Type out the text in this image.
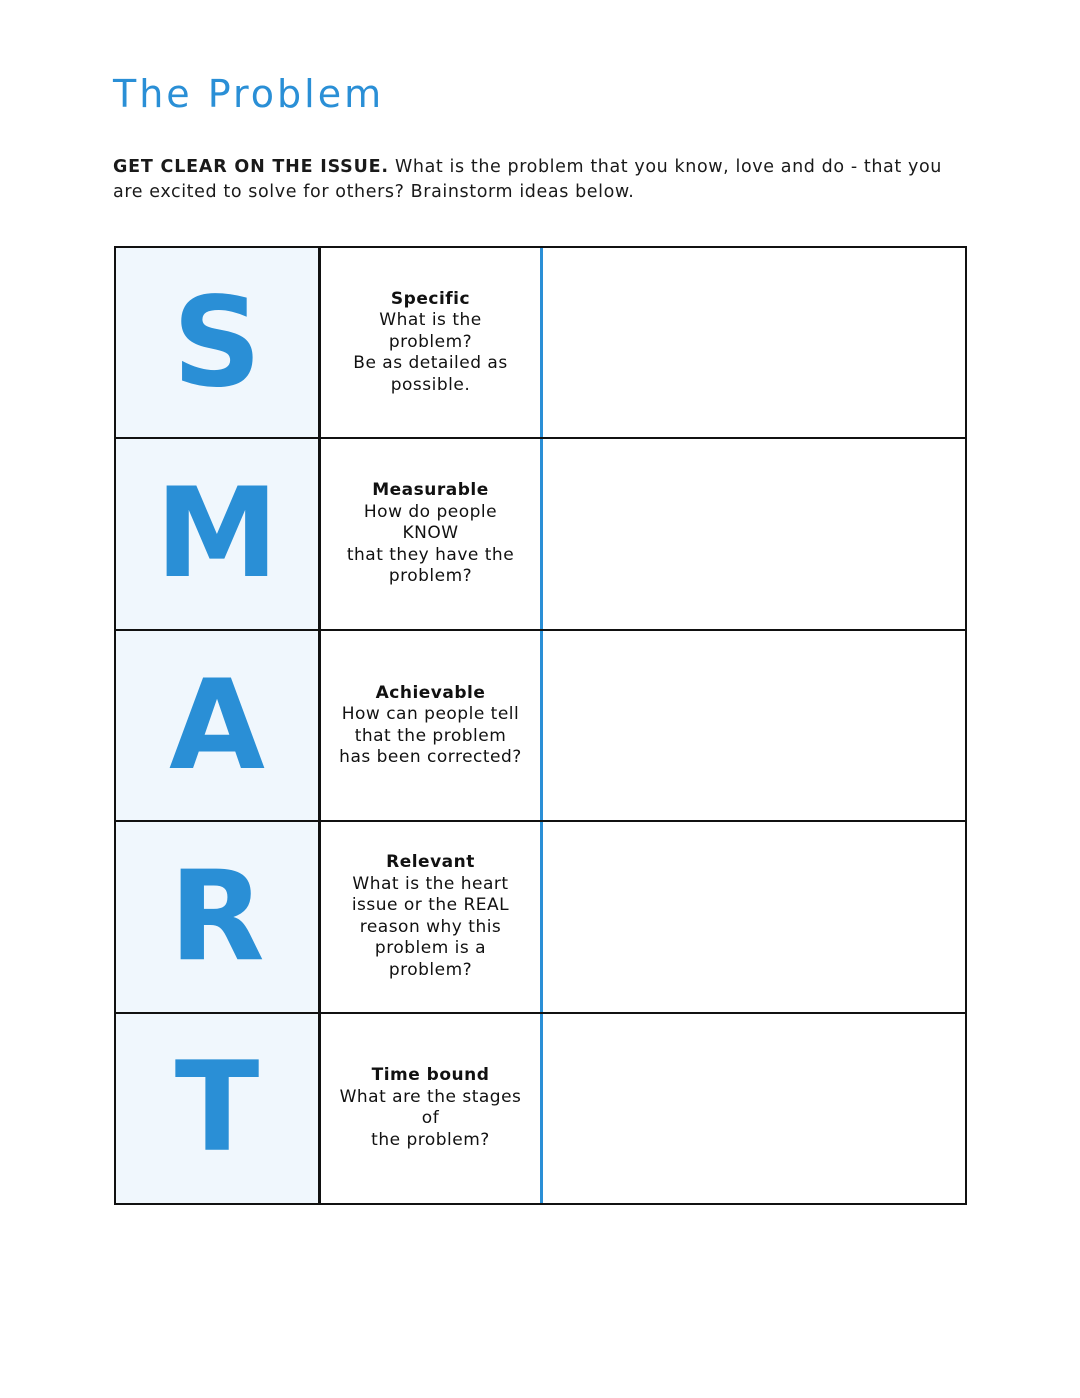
The Problem

GET CLEAR ON THE ISSUE. What is the problem that you know, love and do - that you are excited to solve for others? Brainstorm ideas below.

S	Specific
What is the
problem?
Be as detailed as
possible.
M	Measurable
How do people
KNOW
that they have the
problem?
A	Achievable
How can people tell
that the problem
has been corrected?
R	Relevant
What is the heart
issue or the REAL
reason why this
problem is a
problem?
T	Time bound
What are the stages
of
the problem?
